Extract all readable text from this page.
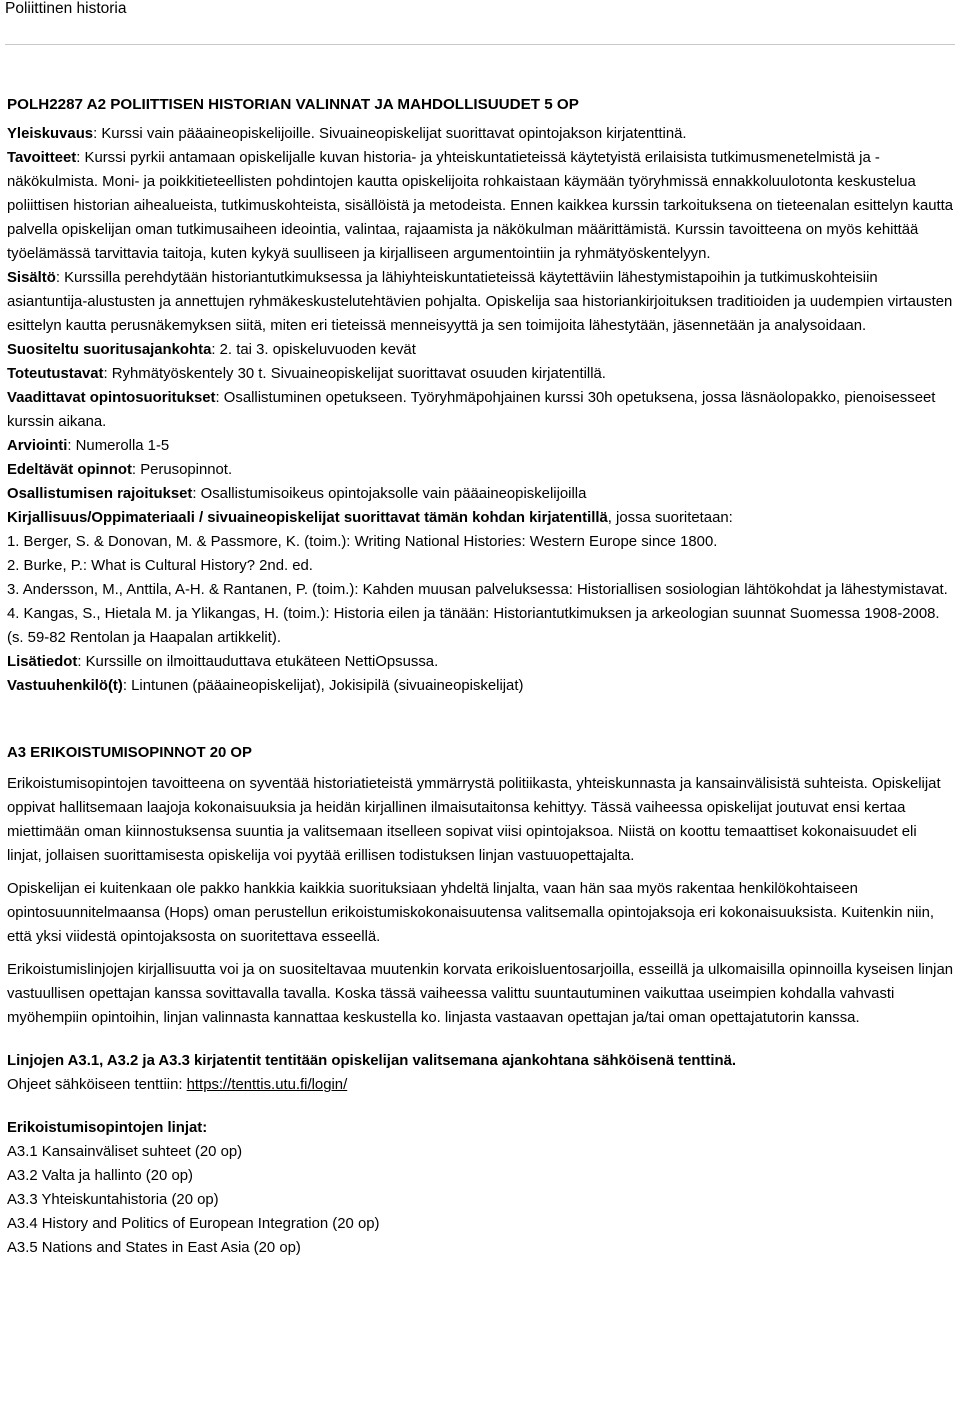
Poliittinen historia

POLH2287 A2 POLIITTISEN HISTORIAN VALINNAT JA MAHDOLLISUUDET 5 OP

Yleiskuvaus: Kurssi vain pääaineopiskelijoille. Sivuaineopiskelijat suorittavat opintojakson kirjatenttinä.

Tavoitteet: Kurssi pyrkii antamaan opiskelijalle kuvan historia- ja yhteiskuntatieteissä käytetyistä erilaisista tutkimusmenetelmistä ja -näkökulmista. Moni- ja poikkitieteellisten pohdintojen kautta opiskelijoita rohkaistaan käymään työryhmissä ennakkoluulotonta keskustelua poliittisen historian aihealueista, tutkimuskohteista, sisällöistä ja metodeista. Ennen kaikkea kurssin tarkoituksena on tieteenalan esittelyn kautta palvella opiskelijan oman tutkimusaiheen ideointia, valintaa, rajaamista ja näkökulman määrittämistä. Kurssin tavoitteena on myös kehittää työelämässä tarvittavia taitoja, kuten kykyä suulliseen ja kirjalliseen argumentointiin ja ryhmätyöskentelyyn.

Sisältö: Kurssilla perehdytään historiantutkimuksessa ja lähiyhteiskuntatieteissä käytettäviin lähestymistapoihin ja tutkimuskohteisiin asiantuntija-alustusten ja annettujen ryhmäkeskustelutehtävien pohjalta. Opiskelija saa historiankirjoituksen traditioiden ja uudempien virtausten esittelyn kautta perusnäkemyksen siitä, miten eri tieteissä menneisyyttä ja sen toimijoita lähestytään, jäsennetään ja analysoidaan.

Suositeltu suoritusajankohta: 2. tai 3. opiskeluvuoden kevät

Toteutustavat: Ryhmätyöskentely 30 t. Sivuaineopiskelijat suorittavat osuuden kirjatentillä.

Vaadittavat opintosuoritukset: Osallistuminen opetukseen. Työryhmäpohjainen kurssi 30h opetuksena, jossa läsnäolopakko, pienoisesseet kurssin aikana.

Arviointi: Numerolla 1-5

Edeltävät opinnot: Perusopinnot.

Osallistumisen rajoitukset: Osallistumisoikeus opintojaksolle vain pääaineopiskelijoilla

Kirjallisuus/Oppimateriaali / sivuaineopiskelijat suorittavat tämän kohdan kirjatentillä, jossa suoritetaan:

1. Berger, S. & Donovan, M. & Passmore, K. (toim.): Writing National Histories: Western Europe since 1800.

2. Burke, P.: What is Cultural History? 2nd. ed.

3. Andersson, M., Anttila, A-H. & Rantanen, P. (toim.): Kahden muusan palveluksessa: Historiallisen sosiologian lähtökohdat ja lähestymistavat.

4. Kangas, S., Hietala M. ja Ylikangas, H. (toim.): Historia eilen ja tänään: Historiantutkimuksen ja arkeologian suunnat Suomessa 1908-2008. (s. 59-82 Rentolan ja Haapalan artikkelit).

Lisätiedot: Kurssille on ilmoittauduttava etukäteen NettiOpsussa.

Vastuuhenkilö(t): Lintunen (pääaineopiskelijat), Jokisipilä (sivuaineopiskelijat)

A3 ERIKOISTUMISOPINNOT 20 OP

Erikoistumisopintojen tavoitteena on syventää historiatieteistä ymmärrystä politiikasta, yhteiskunnasta ja kansainvälisistä suhteista. Opiskelijat oppivat hallitsemaan laajoja kokonaisuuksia ja heidän kirjallinen ilmaisutaitonsa kehittyy. Tässä vaiheessa opiskelijat joutuvat ensi kertaa miettimään oman kiinnostuksensa suuntia ja valitsemaan itselleen sopivat viisi opintojaksoa. Niistä on koottu temaattiset kokonaisuudet eli linjat, jollaisen suorittamisesta opiskelija voi pyytää erillisen todistuksen linjan vastuuopettajalta.

Opiskelijan ei kuitenkaan ole pakko hankkia kaikkia suorituksiaan yhdeltä linjalta, vaan hän saa myös rakentaa henkilökohtaiseen opintosuunnitelmaansa (Hops) oman perustellun erikoistumiskokonaisuutensa valitsemalla opintojaksoja eri kokonaisuuksista. Kuitenkin niin, että yksi viidestä opintojaksosta on suoritettava esseellä.

Erikoistumislinjojen kirjallisuutta voi ja on suositeltavaa muutenkin korvata erikoisluentosarjoilla, esseillä ja ulkomaisilla opinnoilla kyseisen linjan vastuullisen opettajan kanssa sovittavalla tavalla. Koska tässä vaiheessa valittu suuntautuminen vaikuttaa useimpien kohdalla vahvasti myöhempiin opintoihin, linjan valinnasta kannattaa keskustella ko. linjasta vastaavan opettajan ja/tai oman opettajatutorin kanssa.

Linjojen A3.1, A3.2 ja A3.3 kirjatentit tentitään opiskelijan valitsemana ajankohtana sähköisenä tenttinä.

Ohjeet sähköiseen tenttiin: https://tenttis.utu.fi/login/

Erikoistumisopintojen linjat:

A3.1 Kansainväliset suhteet (20 op)

A3.2 Valta ja hallinto (20 op)

A3.3 Yhteiskuntahistoria (20 op)

A3.4 History and Politics of European Integration (20 op)

A3.5 Nations and States in East Asia (20 op)
